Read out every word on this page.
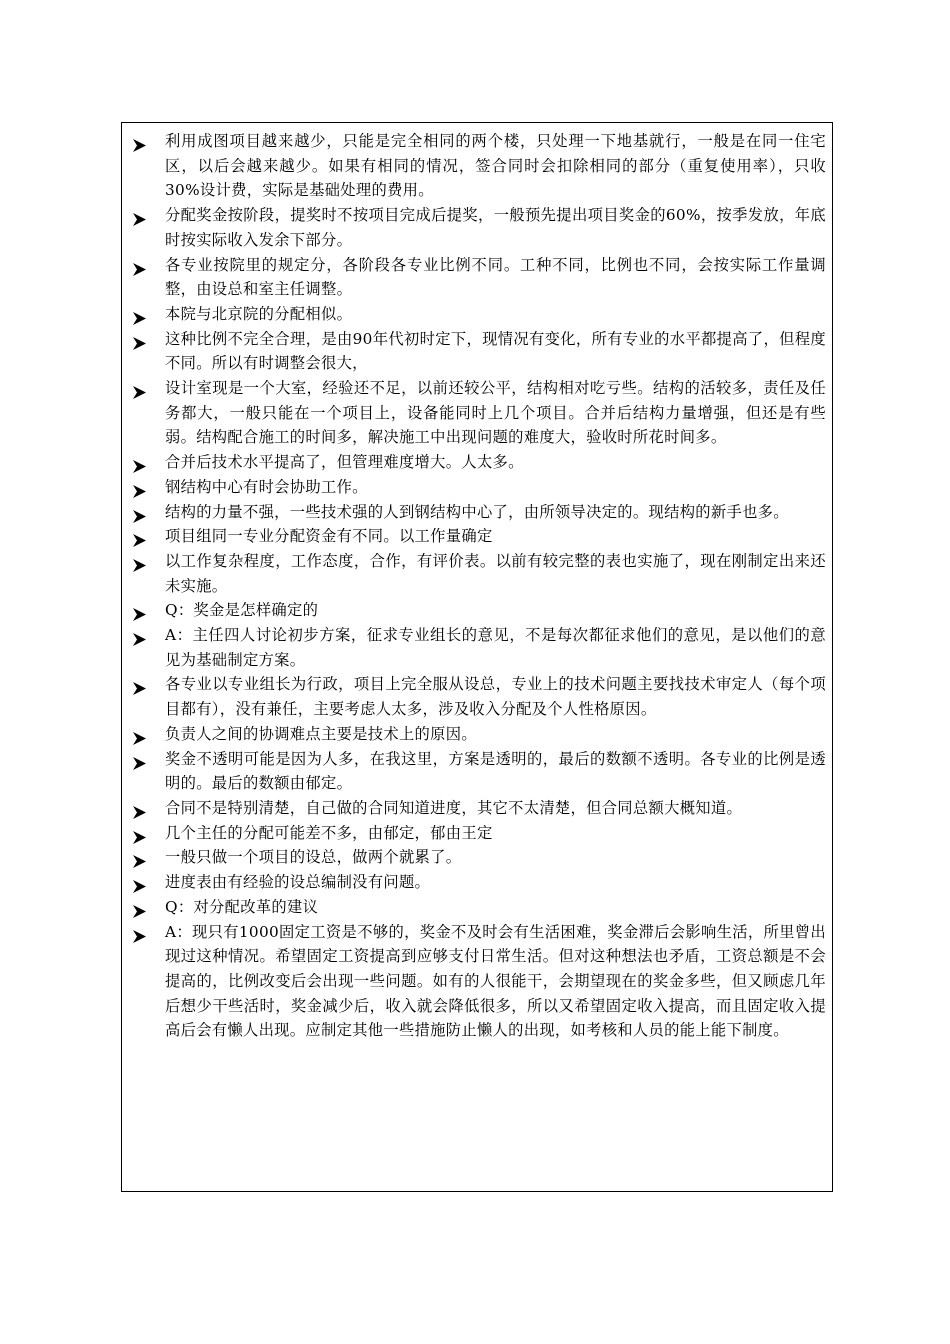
利用成图项目越来越少，只能是完全相同的两个楼，只处理一下地基就行，一般是在同一住宅区，以后会越来越少。如果有相同的情况，签合同时会扣除相同的部分（重复使用率），只收30%设计费，实际是基础处理的费用。
分配奖金按阶段，提奖时不按项目完成后提奖，一般预先提出项目奖金的60%，按季发放，年底时按实际收入发余下部分。
各专业按院里的规定分，各阶段各专业比例不同。工种不同，比例也不同，会按实际工作量调整，由设总和室主任调整。
本院与北京院的分配相似。
这种比例不完全合理，是由90年代初时定下，现情况有变化，所有专业的水平都提高了，但程度不同。所以有时调整会很大，
设计室现是一个大室，经验还不足，以前还较公平，结构相对吃亏些。结构的活较多，责任及任务都大，一般只能在一个项目上，设备能同时上几个项目。合并后结构力量增强，但还是有些弱。结构配合施工的时间多，解决施工中出现问题的难度大，验收时所花时间多。
合并后技术水平提高了，但管理难度增大。人太多。
钢结构中心有时会协助工作。
结构的力量不强，一些技术强的人到钢结构中心了，由所领导决定的。现结构的新手也多。
项目组同一专业分配资金有不同。以工作量确定
以工作复杂程度，工作态度，合作，有评价表。以前有较完整的表也实施了，现在刚制定出来还未实施。
Q：奖金是怎样确定的
A：主任四人讨论初步方案，征求专业组长的意见，不是每次都征求他们的意见，是以他们的意见为基础制定方案。
各专业以专业组长为行政，项目上完全服从设总，专业上的技术问题主要找技术审定人（每个项目都有），没有兼任，主要考虑人太多，涉及收入分配及个人性格原因。
负责人之间的协调难点主要是技术上的原因。
奖金不透明可能是因为人多，在我这里，方案是透明的，最后的数额不透明。各专业的比例是透明的。最后的数额由郁定。
合同不是特别清楚，自己做的合同知道进度，其它不太清楚，但合同总额大概知道。
几个主任的分配可能差不多，由郁定，郁由王定
一般只做一个项目的设总，做两个就累了。
进度表由有经验的设总编制没有问题。
Q：对分配改革的建议
A：现只有1000固定工资是不够的，奖金不及时会有生活困难，奖金滞后会影响生活，所里曾出现过这种情况。希望固定工资提高到应够支付日常生活。但对这种想法也矛盾，工资总额是不会提高的，比例改变后会出现一些问题。如有的人很能干，会期望现在的奖金多些，但又顾虑几年后想少干些活时，奖金减少后，收入就会降低很多，所以又希望固定收入提高，而且固定收入提高后会有懒人出现。应制定其他一些措施防止懒人的出现，如考核和人员的能上能下制度。
